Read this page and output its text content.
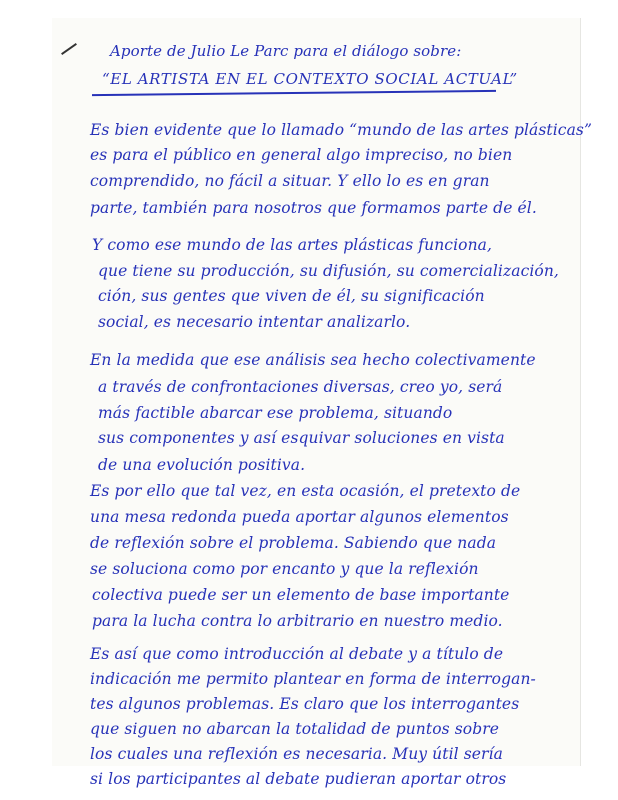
Aporte de Julio Le Parc para el diálogo sobre:
“EL ARTISTA EN EL CONTEXTO SOCIAL ACTUAL”
Es bien evidente que lo llamado “mundo de las artes plásticas”
es para el público en general algo impreciso, no bien
comprendido, no fácil a situar. Y ello lo es en gran
parte, también para nosotros que formamos parte de él.
Y como ese mundo de las artes plásticas funciona,
que tiene su producción, su difusión, su comercialización,
ción, sus gentes que viven de él, su significación
social, es necesario intentar analizarlo.
En la medida que ese análisis sea hecho colectivamente
a través de confrontaciones diversas, creo yo, será
más factible abarcar ese problema, situando
sus componentes y así esquivar soluciones en vista
de una evolución positiva.
Es por ello que tal vez, en esta ocasión, el pretexto de
una mesa redonda pueda aportar algunos elementos
de reflexión sobre el problema. Sabiendo que nada
se soluciona como por encanto y que la reflexión
colectiva puede ser un elemento de base importante
para la lucha contra lo arbitrario en nuestro medio.
Es así que como introducción al debate y a título de
indicación me permito plantear en forma de interrogan-
tes algunos problemas. Es claro que los interrogantes
que siguen no abarcan la totalidad de puntos sobre
los cuales una reflexión es necesaria. Muy útil sería
si los participantes al debate pudieran aportar otros
